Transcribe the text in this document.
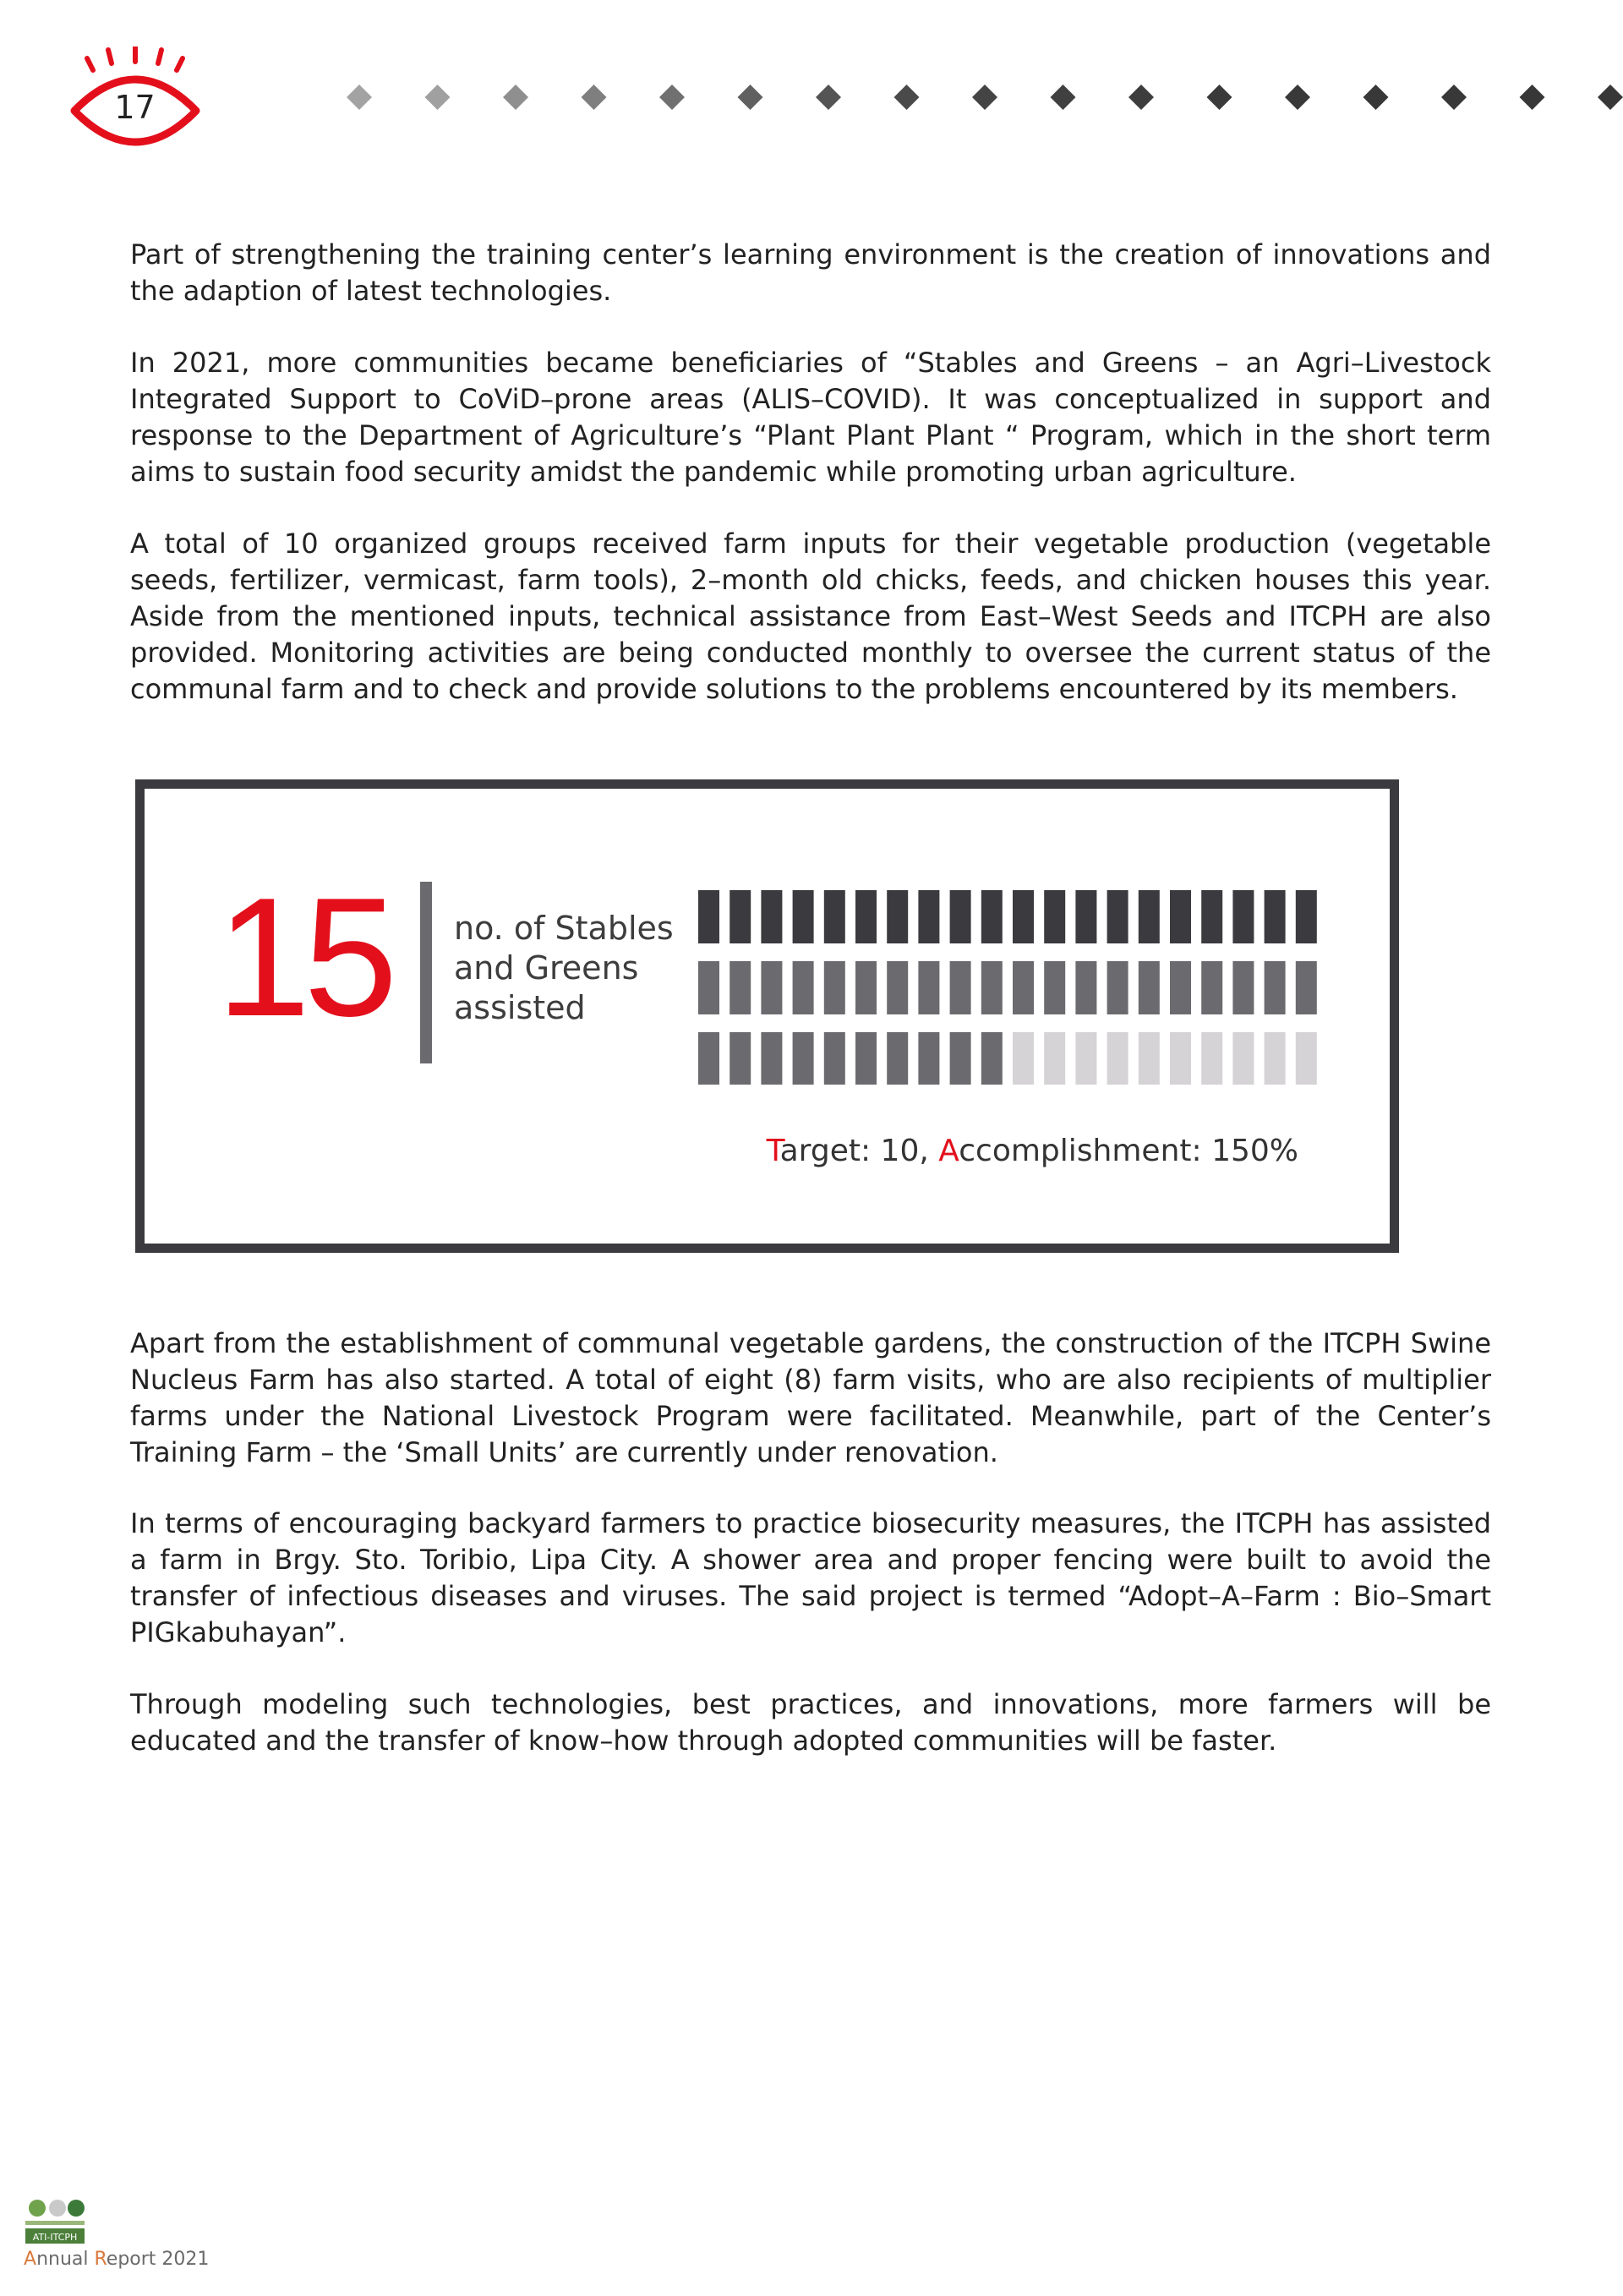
17

Part of strengthening the training center’s learning environment is the creation of innovations and the adaption of latest technologies.

In 2021, more communities became beneficiaries of “Stables and Greens – an Agri–Livestock Integrated Support to CoViD–prone areas (ALIS–COVID). It was conceptualized in support and response to the Department of Agriculture’s “Plant Plant Plant “ Program, which in the short term aims to sustain food security amidst the pandemic while promoting urban agriculture.

A total of 10 organized groups received farm inputs for their vegetable production (vegetable seeds, fertilizer, vermicast, farm tools), 2–month old chicks, feeds, and chicken houses this year. Aside from the mentioned inputs, technical assistance from East–West Seeds and ITCPH are also provided. Monitoring activities are being conducted monthly to oversee the current status of the communal farm and to check and provide solutions to the problems encountered by its members.

15 no. of Stables
and Greens
assisted
Target: 10, Accomplishment: 150%

Apart from the establishment of communal vegetable gardens, the construction of the ITCPH Swine Nucleus Farm has also started. A total of eight (8) farm visits, who are also recipients of multiplier farms under the National Livestock Program were facilitated. Meanwhile, part of the Center’s Training Farm – the ‘Small Units’ are currently under renovation.

In terms of encouraging backyard farmers to practice biosecurity measures, the ITCPH has assisted a farm in Brgy. Sto. Toribio, Lipa City. A shower area and proper fencing were built to avoid the transfer of infectious diseases and viruses. The said project is termed “Adopt–A–Farm : Bio–Smart PIGkabuhayan”.

Through modeling such technologies, best practices, and innovations, more farmers will be educated and the transfer of know–how through adopted communities will be faster.

ATI-ITCPH
Annual Report 2021
